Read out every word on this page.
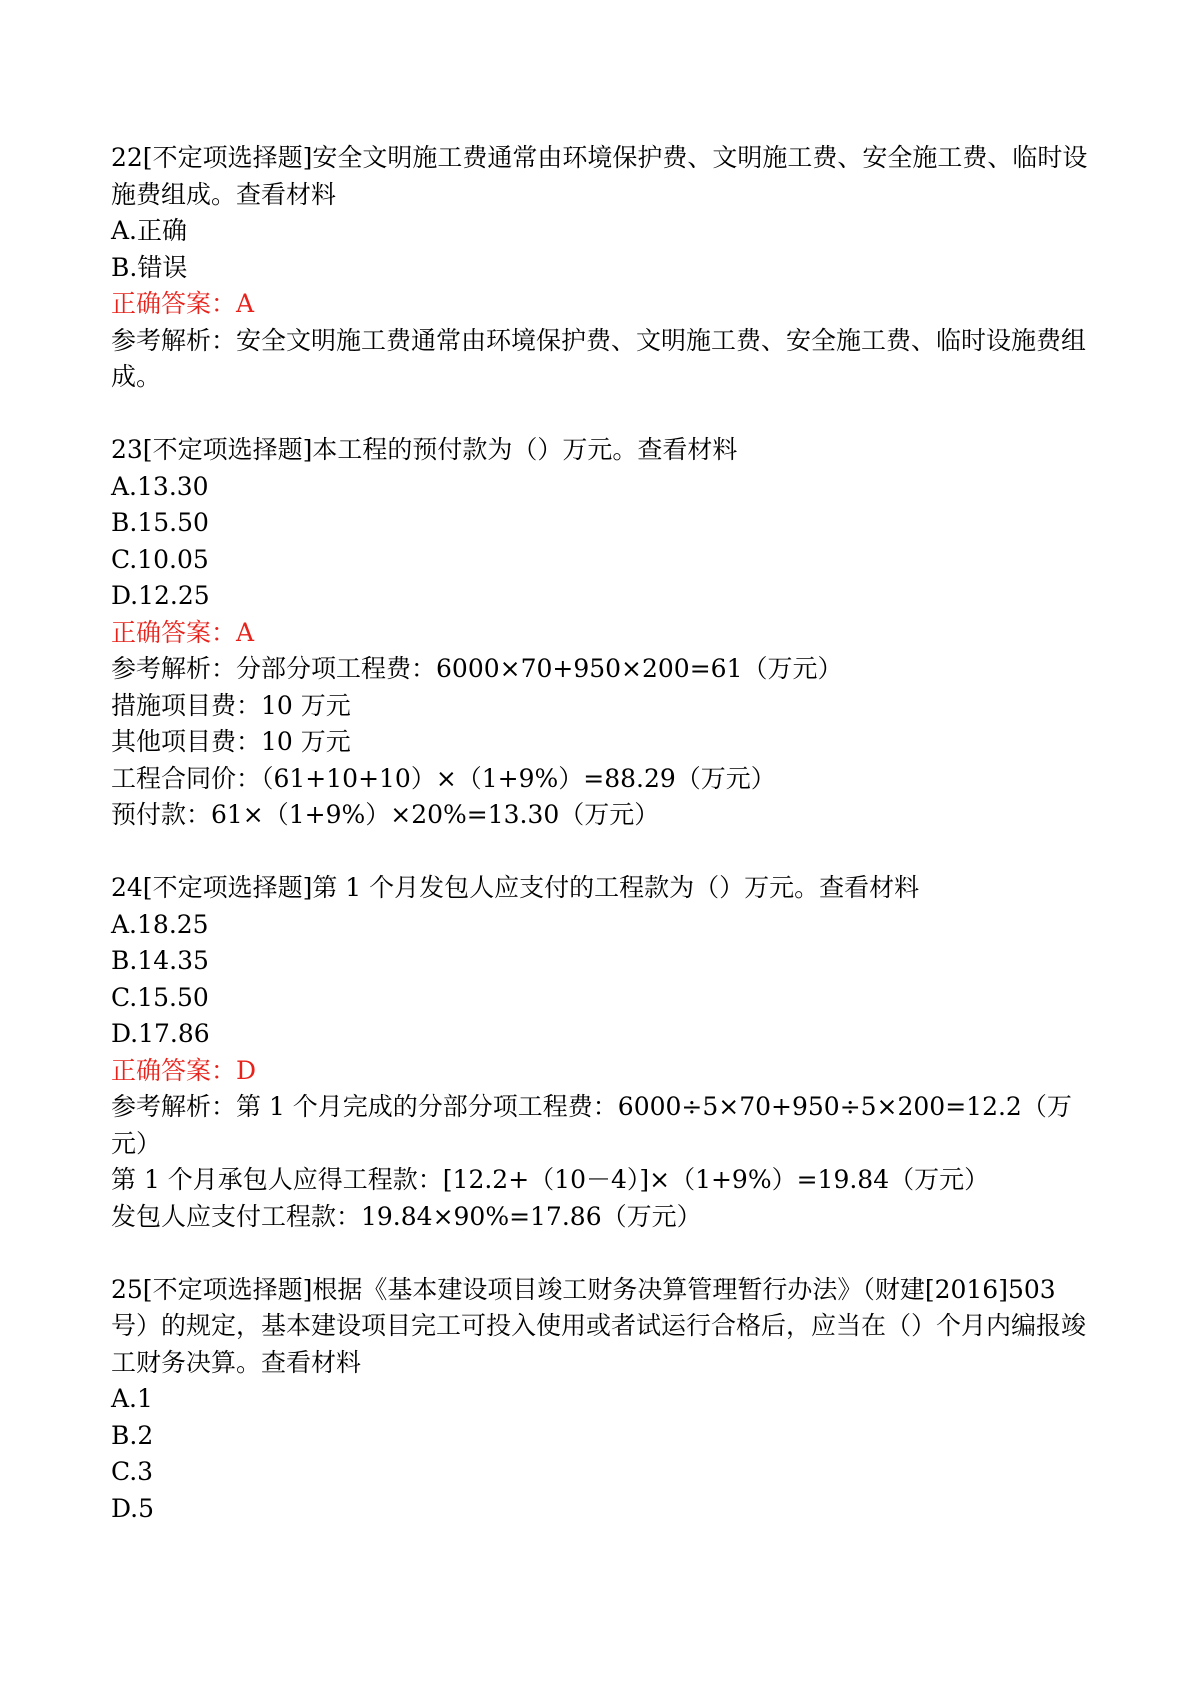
22[不定项选择题]安全文明施工费通常由环境保护费、文明施工费、安全施工费、临时设施费组成。查看材料
A.正确
B.错误
正确答案：A
参考解析：安全文明施工费通常由环境保护费、文明施工费、安全施工费、临时设施费组成。
23[不定项选择题]本工程的预付款为（）万元。查看材料
A.13.30
B.15.50
C.10.05
D.12.25
正确答案：A
参考解析：分部分项工程费：6000×70+950×200=61（万元）
措施项目费：10 万元
其他项目费：10 万元
工程合同价：（61+10+10）×（1+9%）=88.29（万元）
预付款：61×（1+9%）×20%=13.30（万元）
24[不定项选择题]第 1 个月发包人应支付的工程款为（）万元。查看材料
A.18.25
B.14.35
C.15.50
D.17.86
正确答案：D
参考解析：第 1 个月完成的分部分项工程费：6000÷5×70+950÷5×200=12.2（万元）
第 1 个月承包人应得工程款：[12.2+（10－4）]×（1+9%）=19.84（万元）
发包人应支付工程款：19.84×90%=17.86（万元）
25[不定项选择题]根据《基本建设项目竣工财务决算管理暂行办法》（财建[2016]503 号）的规定，基本建设项目完工可投入使用或者试运行合格后，应当在（）个月内编报竣工财务决算。查看材料
A.1
B.2
C.3
D.5
